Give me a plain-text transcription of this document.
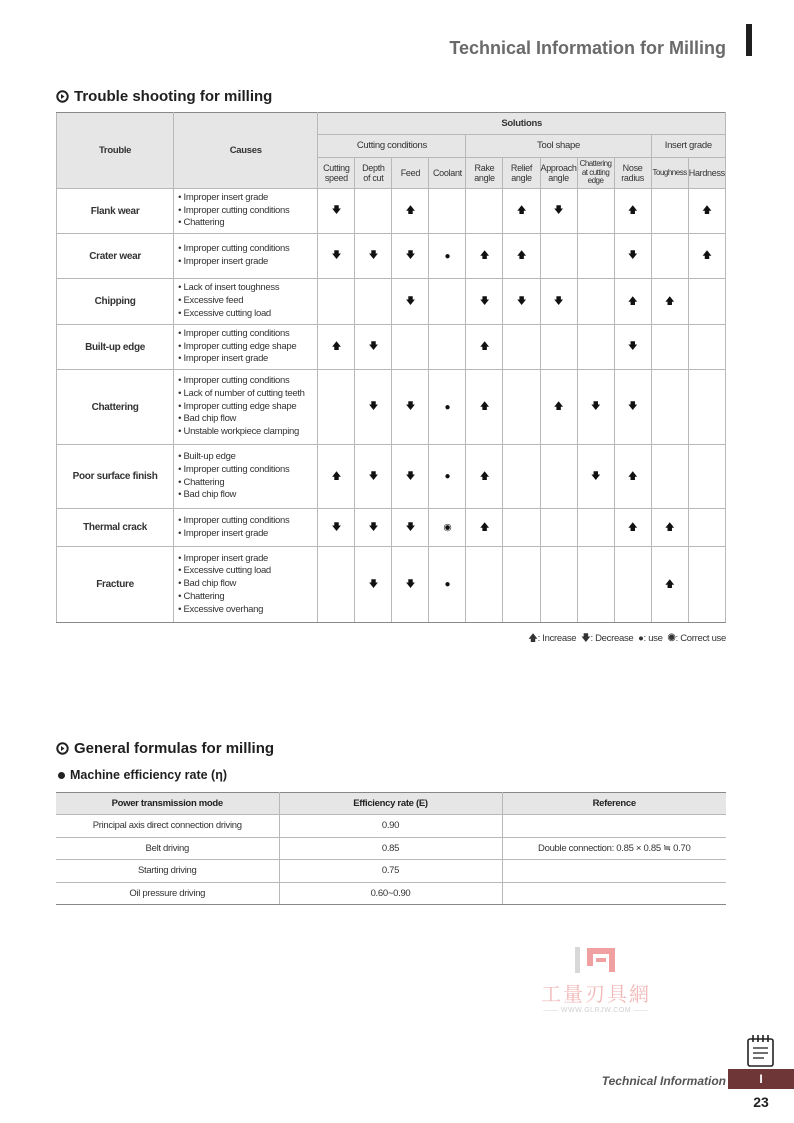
Technical Information for Milling
Trouble shooting for milling
Trouble	Causes	Solutions										
		Cutting conditions				Tool shape					Insert grade	

		Cutting
speed	Depth
of cut	Feed	Coolant	Rake
angle	Relief
angle	Approach
angle	Chattering
at cutting
edge	Nose
radius	Toughness	Hardness

Flank wear	• Improper insert grade
• Improper cutting conditions
• Chattering	🡇		🡅			🡅	🡇		🡅		🡅
Crater wear	• Improper cutting conditions
• Improper insert grade	🡇	🡇	🡇	●	🡅	🡅			🡇		🡅
Chipping	• Lack of insert toughness
• Excessive feed
• Excessive cutting load			🡇		🡇	🡇	🡇		🡅	🡅	
Built-up edge	• Improper cutting conditions
• Improper cutting edge shape
• Improper insert grade	🡅	🡇			🡅				🡇		
Chattering	• Improper cutting conditions
• Lack of number of cutting teeth
• Improper cutting edge shape
• Bad chip flow
• Unstable workpiece clamping		🡇	🡇	●	🡅		🡅	🡇	🡇		
Poor surface finish	• Built-up edge
• Improper cutting conditions
• Chattering
• Bad chip flow	🡅	🡇	🡇	●	🡅			🡇	🡅		
Thermal crack	• Improper cutting conditions
• Improper insert grade	🡇	🡇	🡇	◉	🡅				🡅	🡅	
Fracture	• Improper insert grade
• Excessive cutting load
• Bad chip flow
• Chattering
• Excessive overhang		🡇	🡇	●						🡅	
🡅: Increase 🡇: Decrease ●: use ◉: Correct use
General formulas for milling
Machine efficiency rate (η)
Power transmission mode	Efficiency rate (E)	Reference
Principal axis direct connection driving	0.90	
Belt driving	0.85	Double connection: 0.85 × 0.85 ≒ 0.70
Starting driving	0.75	
Oil pressure driving	0.60~0.90	
工量刃具網
—— WWW.GLRJW.COM ——
Technical Information	I
23
